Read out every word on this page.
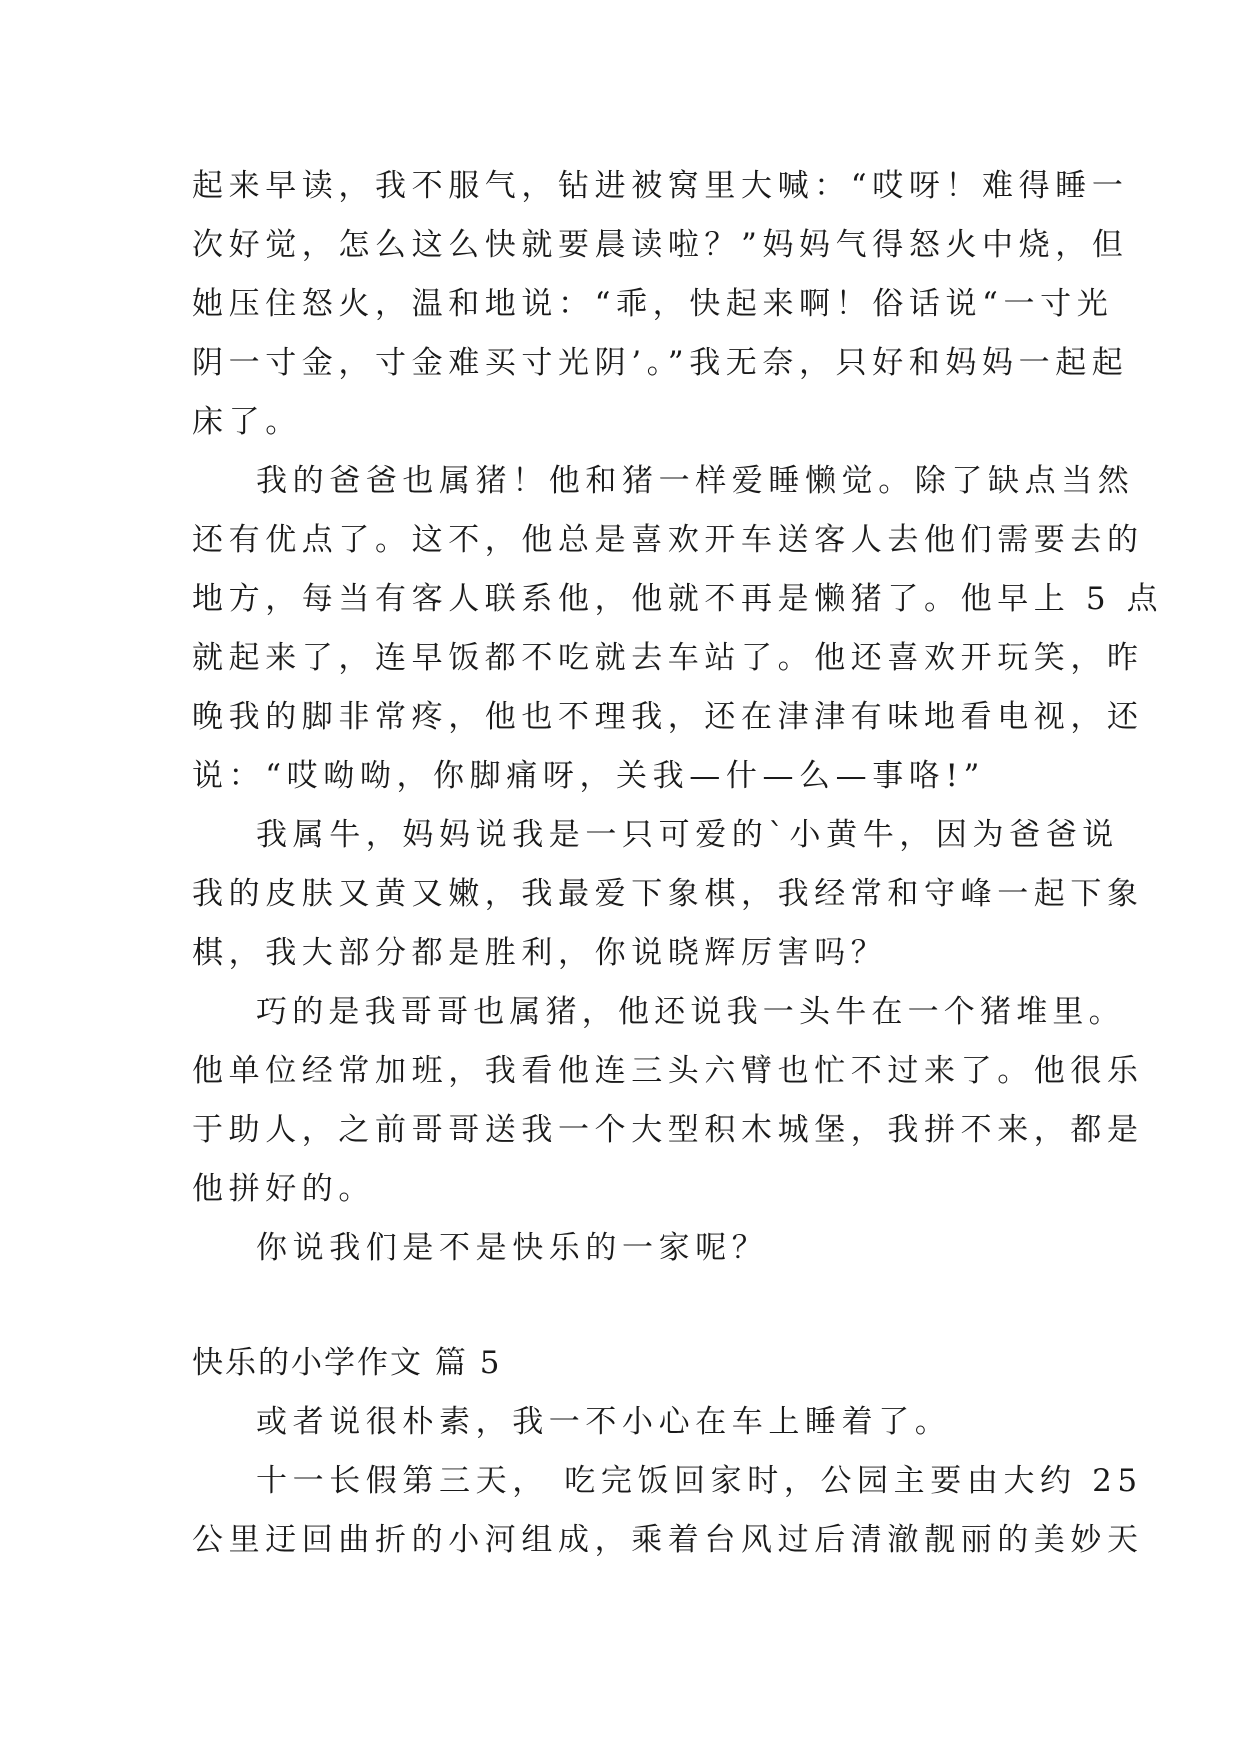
起来早读，我不服气，钻进被窝里大喊：“哎呀！难得睡一
次好觉，怎么这么快就要晨读啦？”妈妈气得怒火中烧，但
她压住怒火，温和地说：“乖，快起来啊！俗话说“一寸光
阴一寸金，寸金难买寸光阴’。”我无奈，只好和妈妈一起起
床了。
我的爸爸也属猪！他和猪一样爱睡懒觉。除了缺点当然
还有优点了。这不，他总是喜欢开车送客人去他们需要去的
地方，每当有客人联系他，他就不再是懒猪了。他早上 5 点
就起来了，连早饭都不吃就去车站了。他还喜欢开玩笑，昨
晚我的脚非常疼，他也不理我，还在津津有味地看电视，还
说：“哎呦呦，你脚痛呀，关我—什—么—事咯!”
我属牛，妈妈说我是一只可爱的`小黄牛，因为爸爸说
我的皮肤又黄又嫩，我最爱下象棋，我经常和守峰一起下象
棋，我大部分都是胜利，你说晓辉厉害吗？
巧的是我哥哥也属猪，他还说我一头牛在一个猪堆里。
他单位经常加班，我看他连三头六臂也忙不过来了。他很乐
于助人，之前哥哥送我一个大型积木城堡，我拼不来，都是
他拼好的。
你说我们是不是快乐的一家呢？
快乐的小学作文 篇 5
或者说很朴素，我一不小心在车上睡着了。
十一长假第三天， 吃完饭回家时，公园主要由大约 25
公里迂回曲折的小河组成，乘着台风过后清澈靓丽的美妙天
